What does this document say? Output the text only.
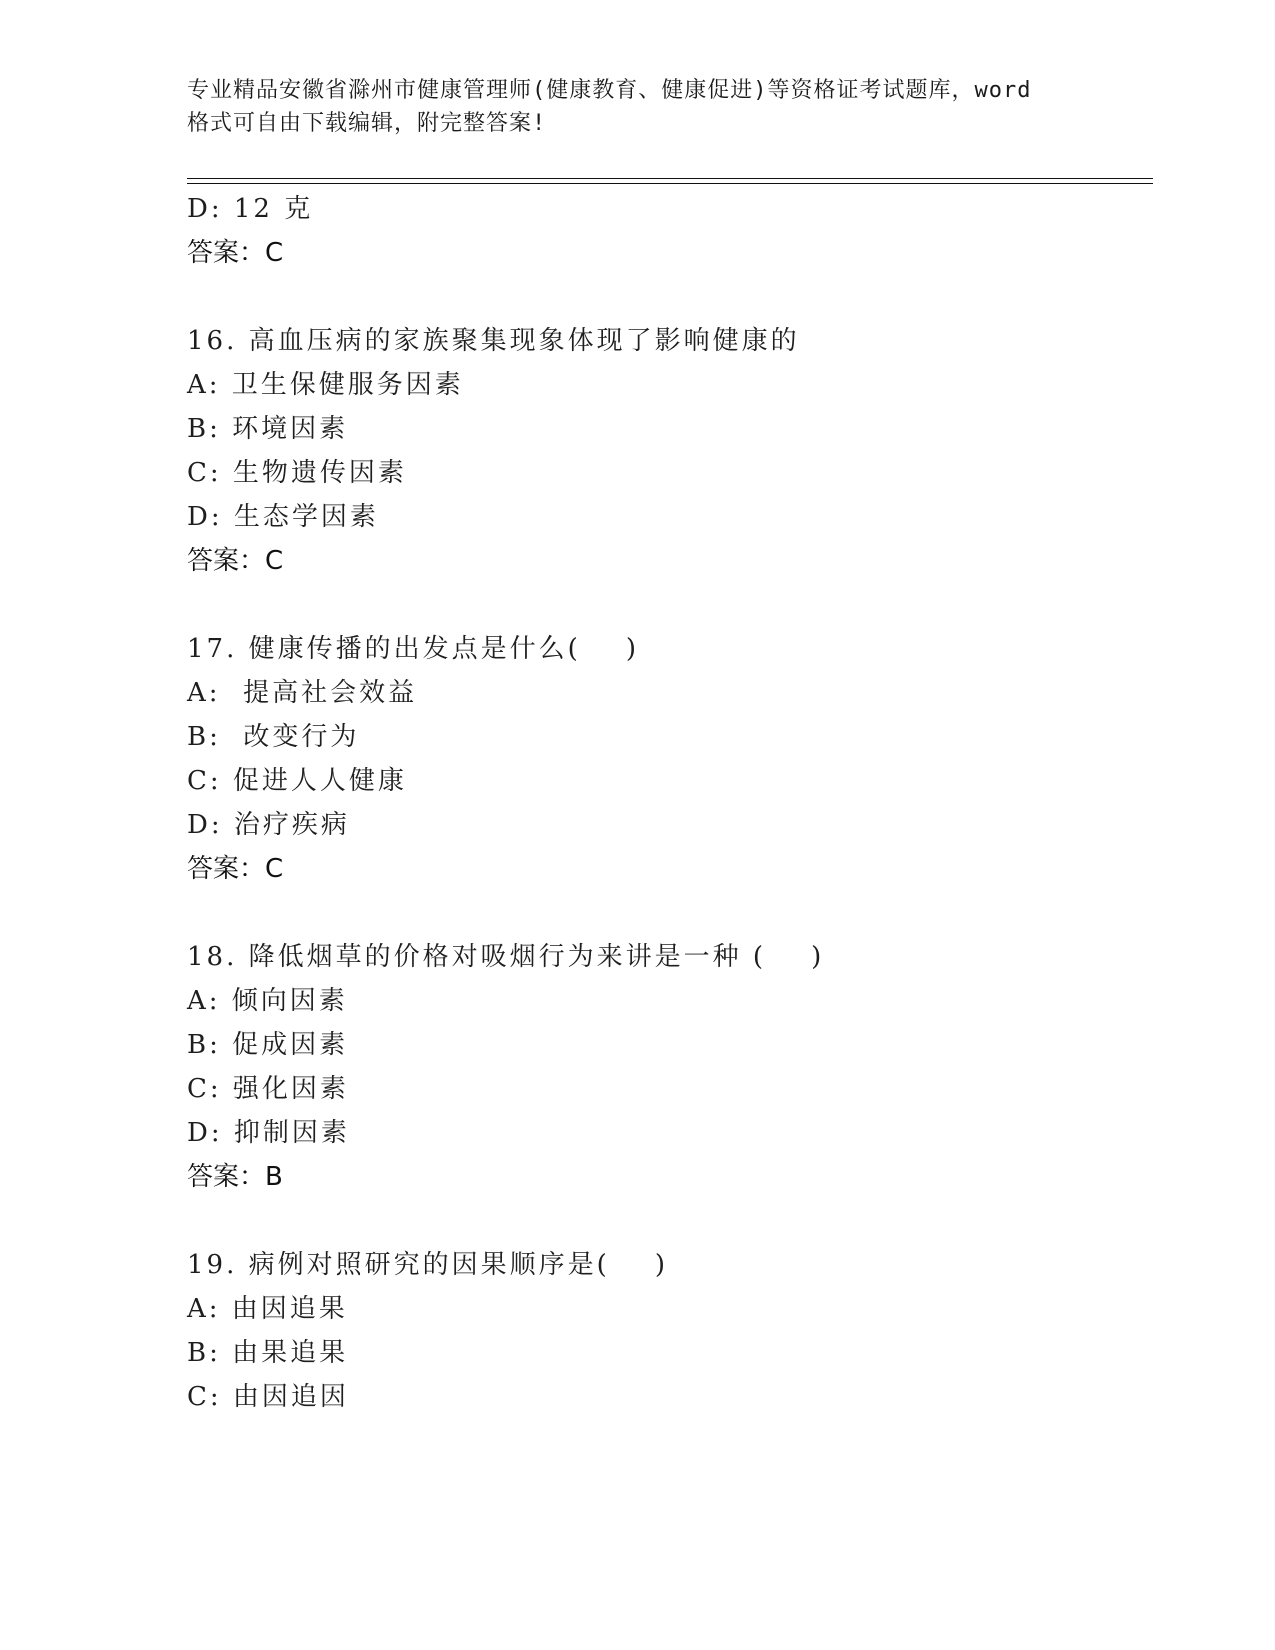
专业精品安徽省滁州市健康管理师(健康教育、健康促进)等资格证考试题库，word
格式可自由下载编辑，附完整答案!
D: 12 克
答案：C
16. 高血压病的家族聚集现象体现了影响健康的
A: 卫生保健服务因素
B: 环境因素
C: 生物遗传因素
D: 生态学因素
答案：C
17. 健康传播的出发点是什么(    )
A:  提高社会效益
B:  改变行为
C: 促进人人健康
D: 治疗疾病
答案：C
18. 降低烟草的价格对吸烟行为来讲是一种 (    )
A: 倾向因素
B: 促成因素
C: 强化因素
D: 抑制因素
答案：B
19. 病例对照研究的因果顺序是(    )
A: 由因追果
B: 由果追果
C: 由因追因
